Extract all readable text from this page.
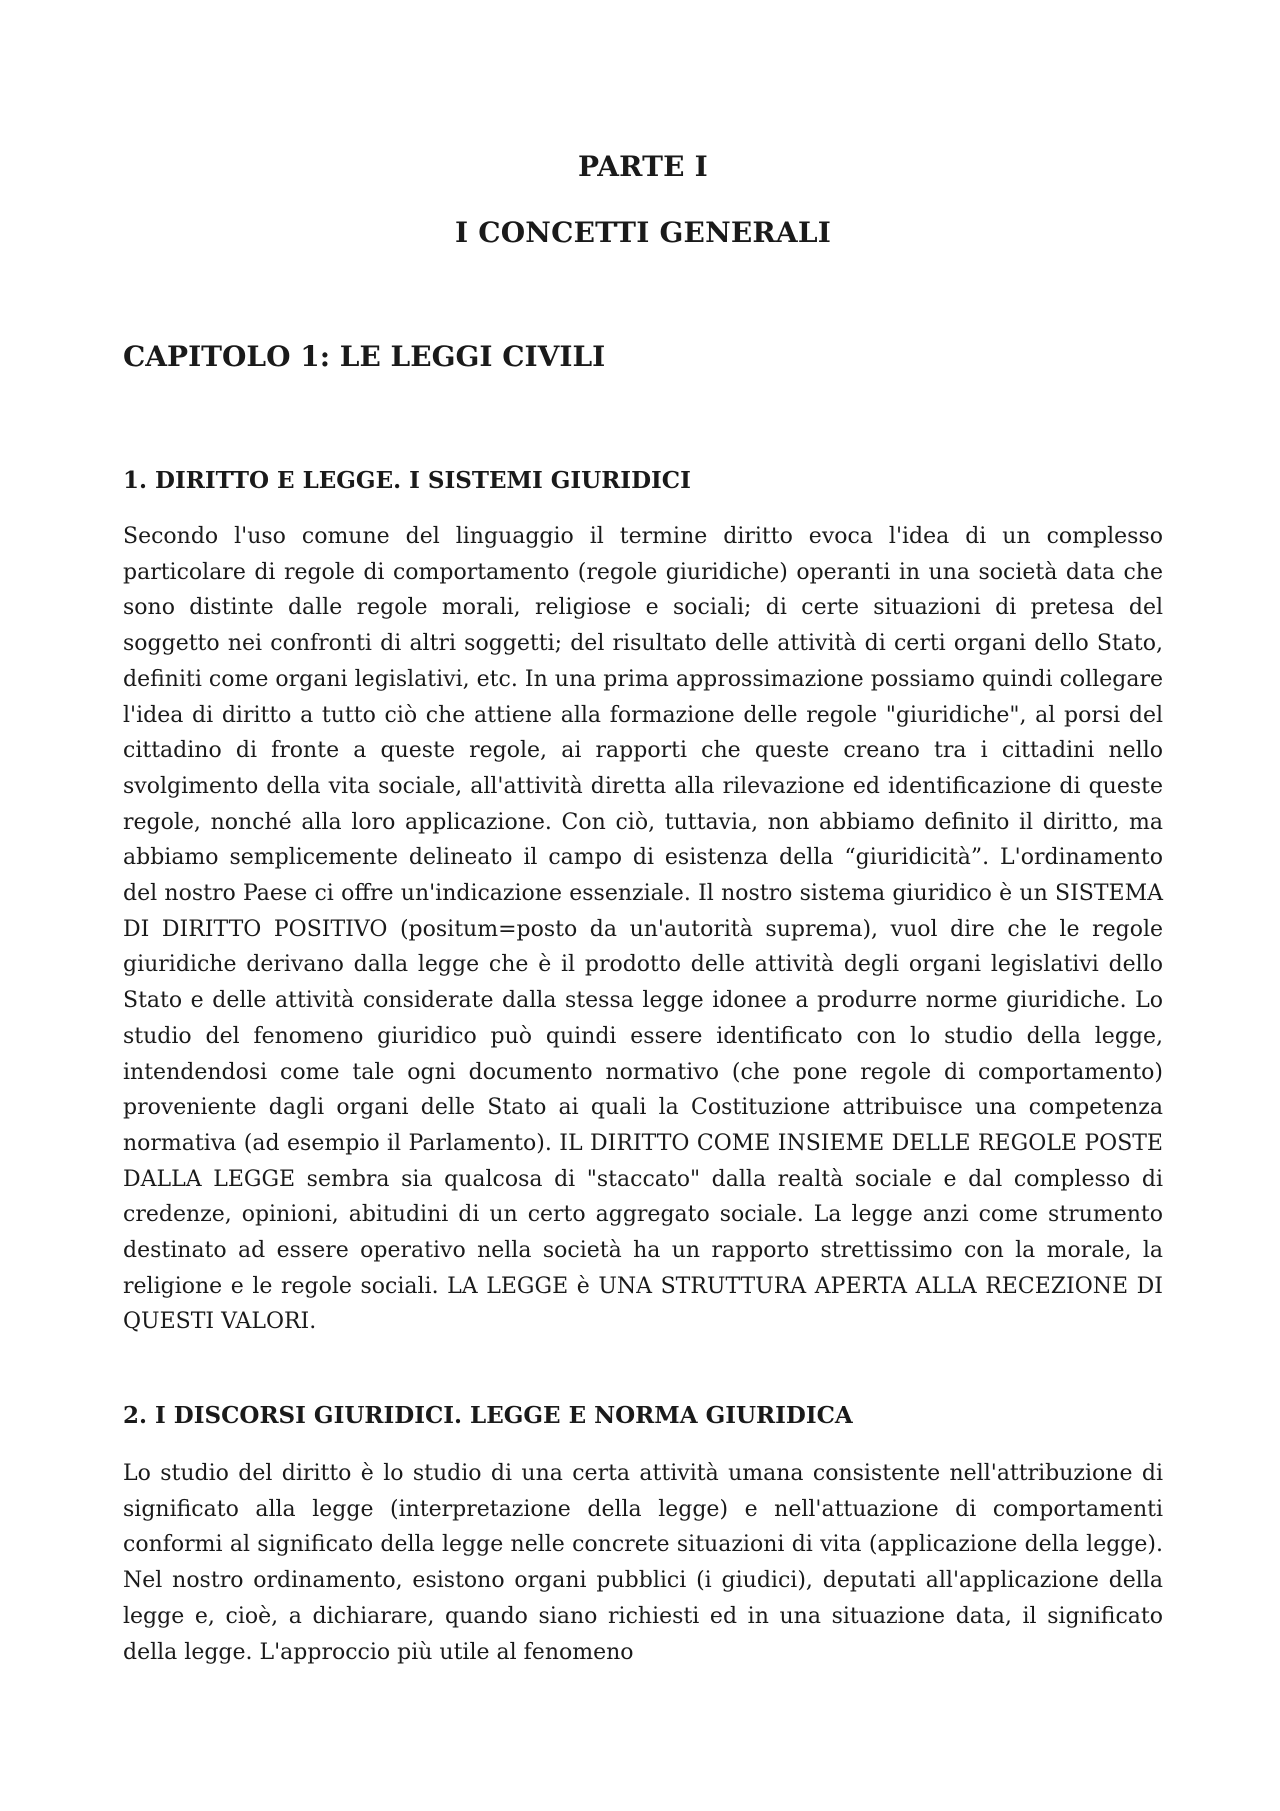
PARTE I
I CONCETTI GENERALI
CAPITOLO 1: LE LEGGI CIVILI
1. DIRITTO E LEGGE. I SISTEMI GIURIDICI

Secondo l'uso comune del linguaggio il termine diritto evoca l'idea di un complesso particolare di regole di comportamento (regole giuridiche) operanti in una società data che sono distinte dalle regole morali, religiose e sociali; di certe situazioni di pretesa del soggetto nei confronti di altri soggetti; del risultato delle attività di certi organi dello Stato, definiti come organi legislativi, etc. In una prima approssimazione possiamo quindi collegare l'idea di diritto a tutto ciò che attiene alla formazione delle regole "giuridiche", al porsi del cittadino di fronte a queste regole, ai rapporti che queste creano tra i cittadini nello svolgimento della vita sociale, all'attività diretta alla rilevazione ed identificazione di queste regole, nonché alla loro applicazione. Con ciò, tuttavia, non abbiamo definito il diritto, ma abbiamo semplicemente delineato il campo di esistenza della “giuridicità”. L'ordinamento del nostro Paese ci offre un'indicazione essenziale. Il nostro sistema giuridico è un SISTEMA DI DIRITTO POSITIVO (positum=posto da un'autorità suprema), vuol dire che le regole giuridiche derivano dalla legge che è il prodotto delle attività degli organi legislativi dello Stato e delle attività considerate dalla stessa legge idonee a produrre norme giuridiche. Lo studio del fenomeno giuridico può quindi essere identificato con lo studio della legge, intendendosi come tale ogni documento normativo (che pone regole di comportamento) proveniente dagli organi delle Stato ai quali la Costituzione attribuisce una competenza normativa (ad esempio il Parlamento). IL DIRITTO COME INSIEME DELLE REGOLE POSTE DALLA LEGGE sembra sia qualcosa di "staccato" dalla realtà sociale e dal complesso di credenze, opinioni, abitudini di un certo aggregato sociale. La legge anzi come strumento destinato ad essere operativo nella società ha un rapporto strettissimo con la morale, la religione e le regole sociali. LA LEGGE è UNA STRUTTURA APERTA ALLA RECEZIONE DI QUESTI VALORI.

2. I DISCORSI GIURIDICI. LEGGE E NORMA GIURIDICA

Lo studio del diritto è lo studio di una certa attività umana consistente nell'attribuzione di significato alla legge (interpretazione della legge) e nell'attuazione di comportamenti conformi al significato della legge nelle concrete situazioni di vita (applicazione della legge). Nel nostro ordinamento, esistono organi pubblici (i giudici), deputati all'applicazione della legge e, cioè, a dichiarare, quando siano richiesti ed in una situazione data, il significato della legge. L'approccio più utile al fenomeno
